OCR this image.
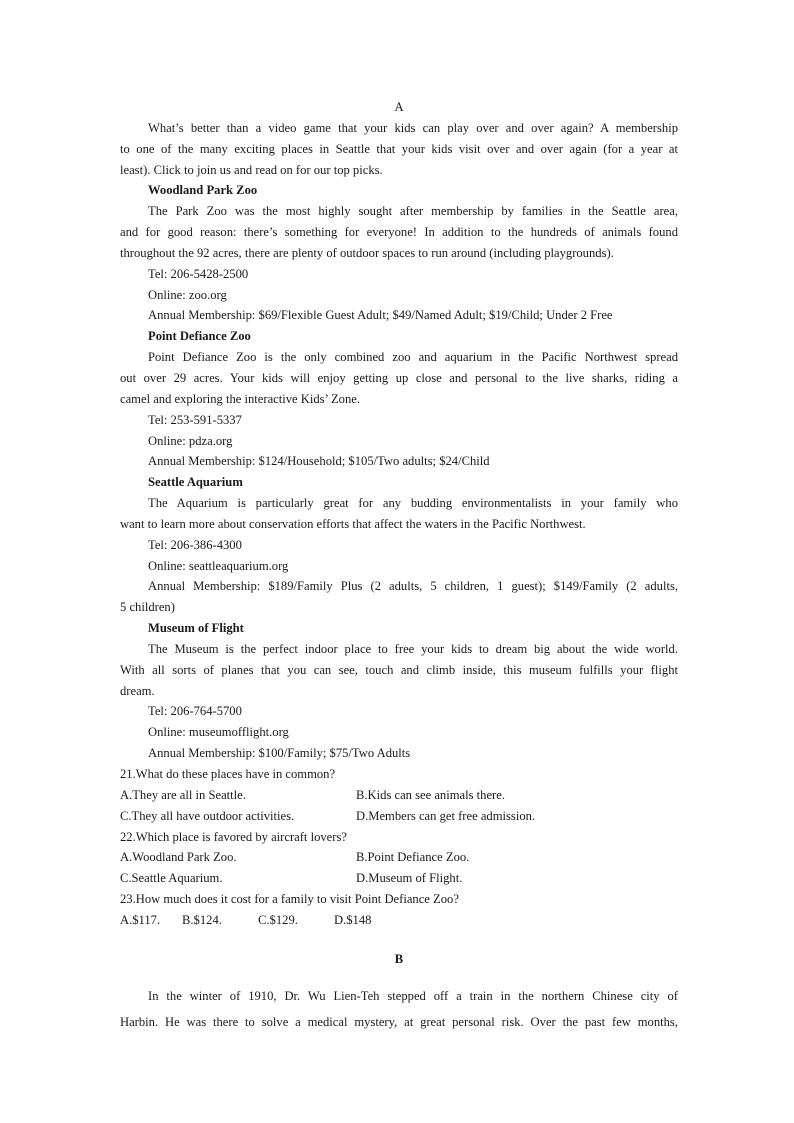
A
What’s better than a video game that your kids can play over and over again? A membership
to one of the many exciting places in Seattle that your kids visit over and over again (for a year at
least). Click to join us and read on for our top picks.
Woodland Park Zoo
The Park Zoo was the most highly sought after membership by families in the Seattle area,
and for good reason: there’s something for everyone! In addition to the hundreds of animals found
throughout the 92 acres, there are plenty of outdoor spaces to run around (including playgrounds).
Tel: 206-5428-2500
Online: zoo.org
Annual Membership: $69/Flexible Guest Adult; $49/Named Adult; $19/Child; Under 2 Free
Point Defiance Zoo
Point Defiance Zoo is the only combined zoo and aquarium in the Pacific Northwest spread
out over 29 acres. Your kids will enjoy getting up close and personal to the live sharks, riding a
camel and exploring the interactive Kids’ Zone.
Tel: 253-591-5337
Online: pdza.org
Annual Membership: $124/Household; $105/Two adults; $24/Child
Seattle Aquarium
The Aquarium is particularly great for any budding environmentalists in your family who
want to learn more about conservation efforts that affect the waters in the Pacific Northwest.
Tel: 206-386-4300
Online: seattleaquarium.org
Annual Membership: $189/Family Plus (2 adults, 5 children, 1 guest); $149/Family (2 adults,
5 children)
Museum of Flight
The Museum is the perfect indoor place to free your kids to dream big about the wide world.
With all sorts of planes that you can see, touch and climb inside, this museum fulfills your flight
dream.
Tel: 206-764-5700
Online: museumofflight.org
Annual Membership: $100/Family; $75/Two Adults
21.What do these places have in common?
A.They are all in Seattle.	B.Kids can see animals there.
C.They all have outdoor activities.	D.Members can get free admission.
22.Which place is favored by aircraft lovers?
A.Woodland Park Zoo.	B.Point Defiance Zoo.
C.Seattle Aquarium.	D.Museum of Flight.
23.How much does it cost for a family to visit Point Defiance Zoo?
A.$117. B.$124.	C.$129.	D.$148
B
In the winter of 1910, Dr. Wu Lien-Teh stepped off a train in the northern Chinese city of
Harbin. He was there to solve a medical mystery, at great personal risk. Over the past few months,
